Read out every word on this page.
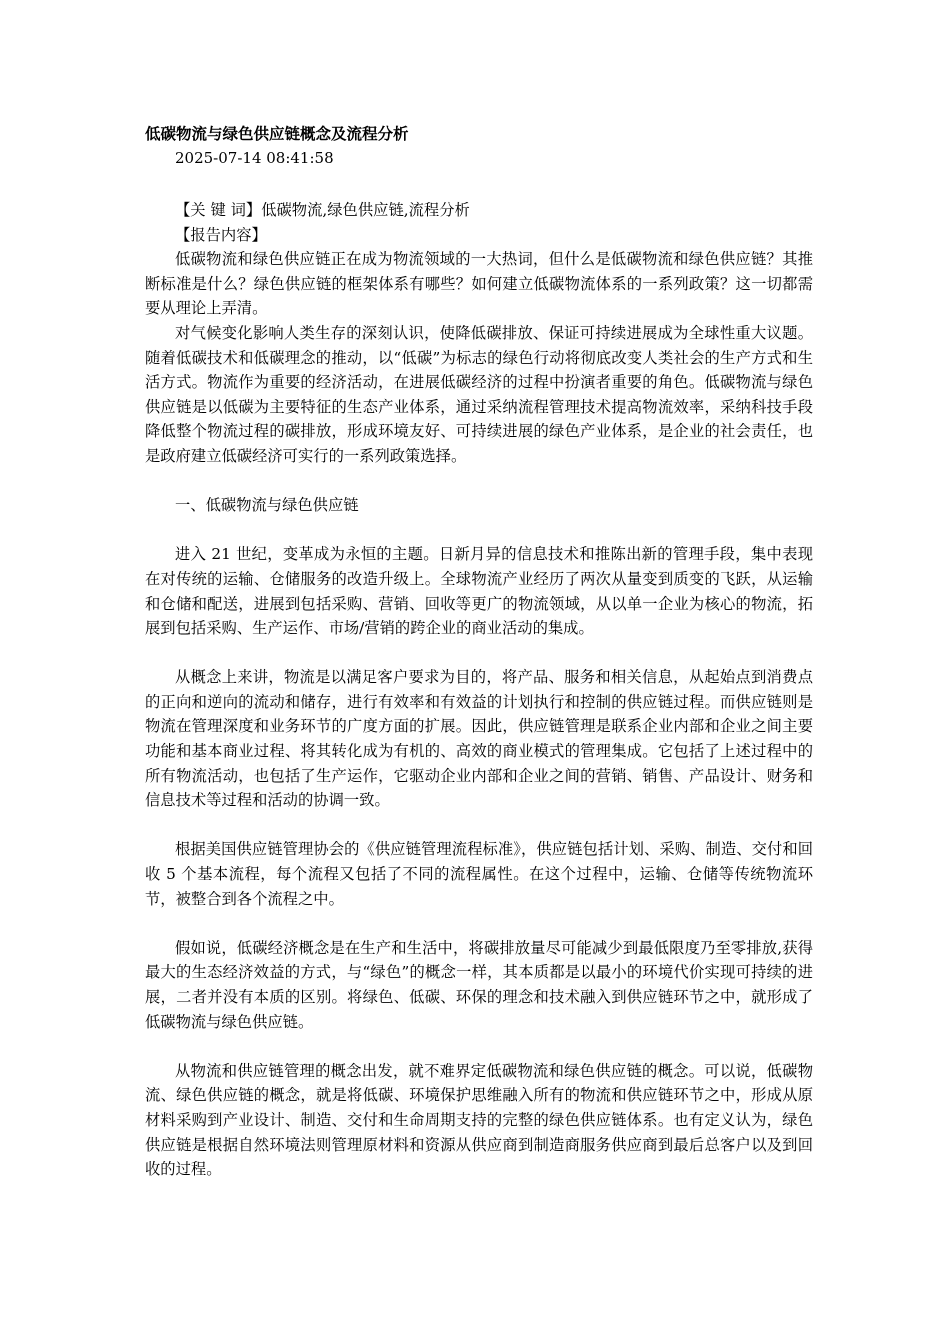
低碳物流与绿色供应链概念及流程分析

2025-07-14 08:41:58

【关 键 词】低碳物流,绿色供应链,流程分析

【报告内容】

低碳物流和绿色供应链正在成为物流领域的一大热词，但什么是低碳物流和绿色供应链？其推断标准是什么？绿色供应链的框架体系有哪些？如何建立低碳物流体系的一系列政策？这一切都需要从理论上弄清。

对气候变化影响人类生存的深刻认识，使降低碳排放、保证可持续进展成为全球性重大议题。随着低碳技术和低碳理念的推动，以“低碳”为标志的绿色行动将彻底改变人类社会的生产方式和生活方式。物流作为重要的经济活动，在进展低碳经济的过程中扮演者重要的角色。低碳物流与绿色供应链是以低碳为主要特征的生态产业体系，通过采纳流程管理技术提高物流效率，采纳科技手段降低整个物流过程的碳排放，形成环境友好、可持续进展的绿色产业体系，是企业的社会责任，也是政府建立低碳经济可实行的一系列政策选择。

一、低碳物流与绿色供应链

进入 21 世纪，变革成为永恒的主题。日新月异的信息技术和推陈出新的管理手段，集中表现在对传统的运输、仓储服务的改造升级上。全球物流产业经历了两次从量变到质变的飞跃，从运输和仓储和配送，进展到包括采购、营销、回收等更广的物流领域，从以单一企业为核心的物流，拓展到包括采购、生产运作、市场/营销的跨企业的商业活动的集成。

从概念上来讲，物流是以满足客户要求为目的，将产品、服务和相关信息，从起始点到消费点的正向和逆向的流动和储存，进行有效率和有效益的计划执行和控制的供应链过程。而供应链则是物流在管理深度和业务环节的广度方面的扩展。因此，供应链管理是联系企业内部和企业之间主要功能和基本商业过程、将其转化成为有机的、高效的商业模式的管理集成。它包括了上述过程中的所有物流活动，也包括了生产运作，它驱动企业内部和企业之间的营销、销售、产品设计、财务和信息技术等过程和活动的协调一致。

根据美国供应链管理协会的《供应链管理流程标准》，供应链包括计划、采购、制造、交付和回收 5 个基本流程，每个流程又包括了不同的流程属性。在这个过程中，运输、仓储等传统物流环节，被整合到各个流程之中。

假如说，低碳经济概念是在生产和生活中，将碳排放量尽可能减少到最低限度乃至零排放,获得最大的生态经济效益的方式，与“绿色”的概念一样，其本质都是以最小的环境代价实现可持续的进展，二者并没有本质的区别。将绿色、低碳、环保的理念和技术融入到供应链环节之中，就形成了低碳物流与绿色供应链。

从物流和供应链管理的概念出发，就不难界定低碳物流和绿色供应链的概念。可以说，低碳物流、绿色供应链的概念，就是将低碳、环境保护思维融入所有的物流和供应链环节之中，形成从原材料采购到产业设计、制造、交付和生命周期支持的完整的绿色供应链体系。也有定义认为，绿色供应链是根据自然环境法则管理原材料和资源从供应商到制造商服务供应商到最后总客户以及到回收的过程。
